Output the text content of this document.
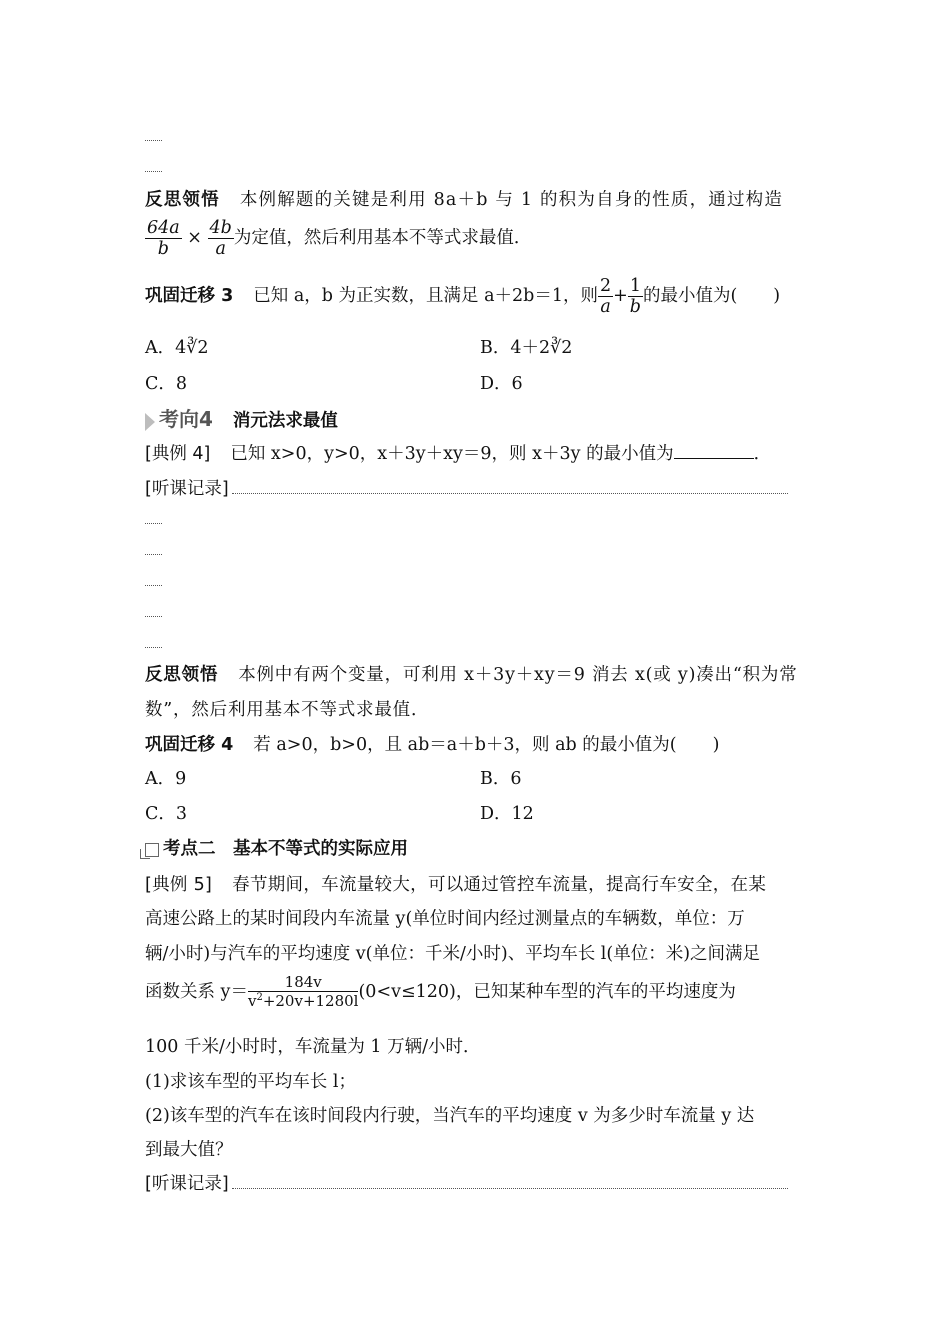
反思领悟 本例解题的关键是利用 8a＋b 与 1 的积为自身的性质，通过构造
$\frac{64a}{b} \times \frac{4b}{a}$ 为定值，然后利用基本不等式求最值．
巩固迁移 3 已知 a，b 为正实数，且满足 a＋2b＝1，则 $\frac{2}{a} + \frac{1}{b}$ 的最小值为( )
A．4∛2	B．4＋2∛2
C．8	D．6
考向4 消元法求最值
[典例 4] 已知 x>0，y>0，x＋3y＋xy＝9，则 x＋3y 的最小值为	．
[听课记录]
反思领悟 本例中有两个变量，可利用 x＋3y＋xy＝9 消去 x(或 y)凑出“积为常
数”，然后利用基本不等式求最值．
巩固迁移 4 若 a>0，b>0，且 ab＝a＋b＋3，则 ab 的最小值为( )
A．9	B．6
C．3	D．12
考点二　基本不等式的实际应用
[典例 5] 春节期间，车流量较大，可以通过管控车流量，提高行车安全，在某
高速公路上的某时间段内车流量 y(单位时间内经过测量点的车辆数，单位：万
辆/小时)与汽车的平均速度 v(单位：千米/小时)、平均车长 l(单位：米)之间满足
函数关系 $y= \frac{184v}{v^2+20v+1280l} (0<v\le 120)$，已知某种车型的汽车的平均速度为
100 千米/小时时，车流量为 1 万辆/小时．
(1)求该车型的平均车长 l；
(2)该车型的汽车在该时间段内行驶，当汽车的平均速度 v 为多少时车流量 y 达
到最大值？
[听课记录]
